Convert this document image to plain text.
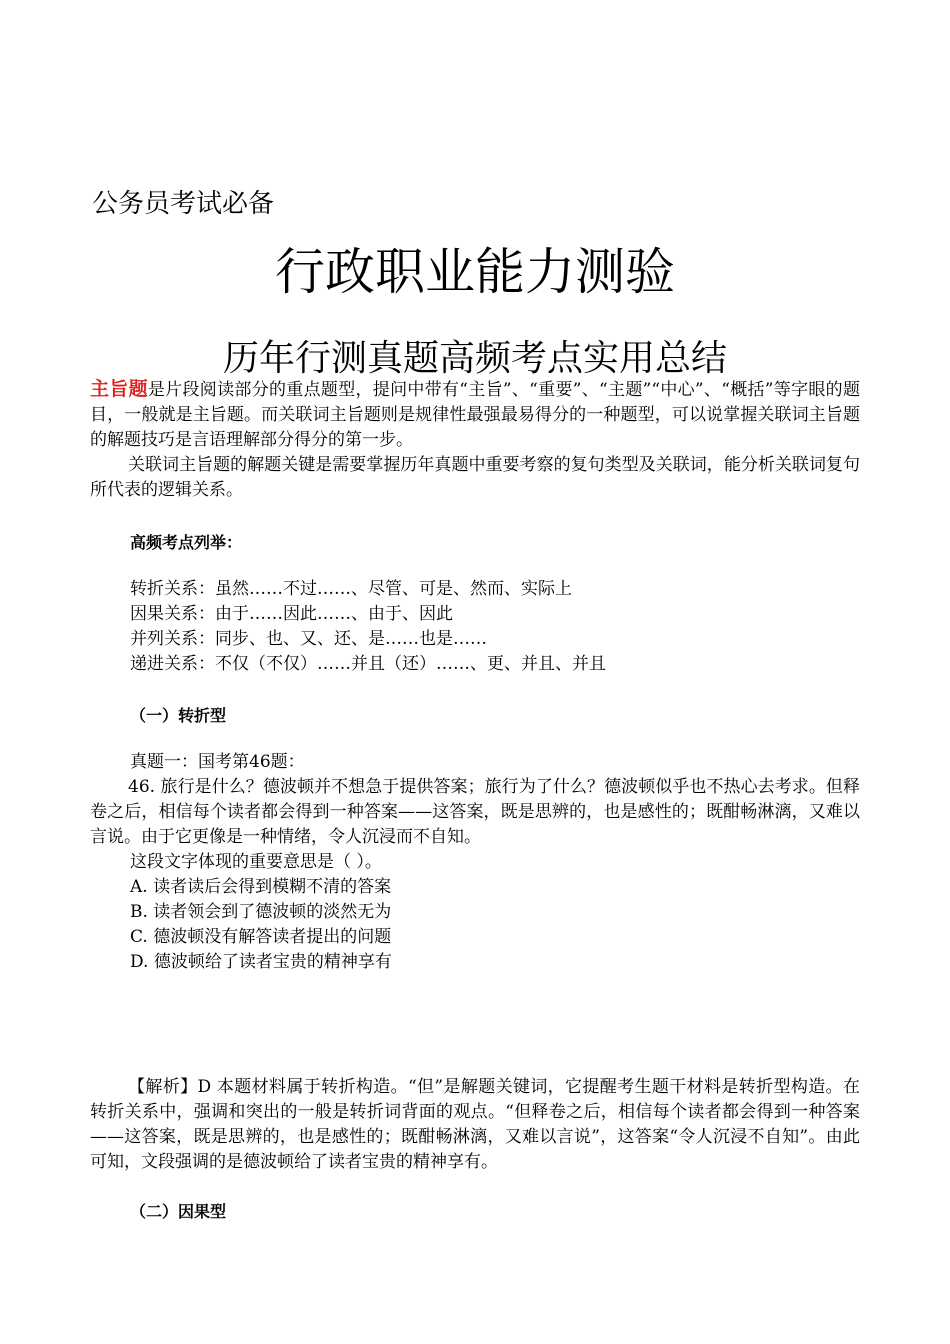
公务员考试必备
行政职业能力测验
历年行测真题高频考点实用总结
主旨题是片段阅读部分的重点题型，提问中带有“主旨”、“重要”、“主题”“中心”、“概括”等字眼的题目，一般就是主旨题。而关联词主旨题则是规律性最强最易得分的一种题型，可以说掌握关联词主旨题的解题技巧是言语理解部分得分的第一步。
关联词主旨题的解题关键是需要掌握历年真题中重要考察的复句类型及关联词，能分析关联词复句所代表的逻辑关系。
高频考点列举：
转折关系：虽然……不过……、尽管、可是、然而、实际上
因果关系：由于……因此……、由于、因此
并列关系：同步、也、又、还、是……也是……
递进关系：不仅（不仅）……并且（还）……、更、并且、并且
（一）转折型
真题一：国考第46题：
46. 旅行是什么？德波顿并不想急于提供答案；旅行为了什么？德波顿似乎也不热心去考求。但释卷之后，相信每个读者都会得到一种答案——这答案，既是思辨的，也是感性的；既酣畅淋漓，又难以言说。由于它更像是一种情绪，令人沉浸而不自知。
这段文字体现的重要意思是（ ）。
A. 读者读后会得到模糊不清的答案
B. 读者领会到了德波顿的淡然无为
C. 德波顿没有解答读者提出的问题
D. 德波顿给了读者宝贵的精神享有
【解析】D 本题材料属于转折构造。“但”是解题关键词，它提醒考生题干材料是转折型构造。在转折关系中，强调和突出的一般是转折词背面的观点。“但释卷之后，相信每个读者都会得到一种答案——这答案，既是思辨的，也是感性的；既酣畅淋漓，又难以言说”，这答案“令人沉浸不自知”。由此可知，文段强调的是德波顿给了读者宝贵的精神享有。
（二）因果型
